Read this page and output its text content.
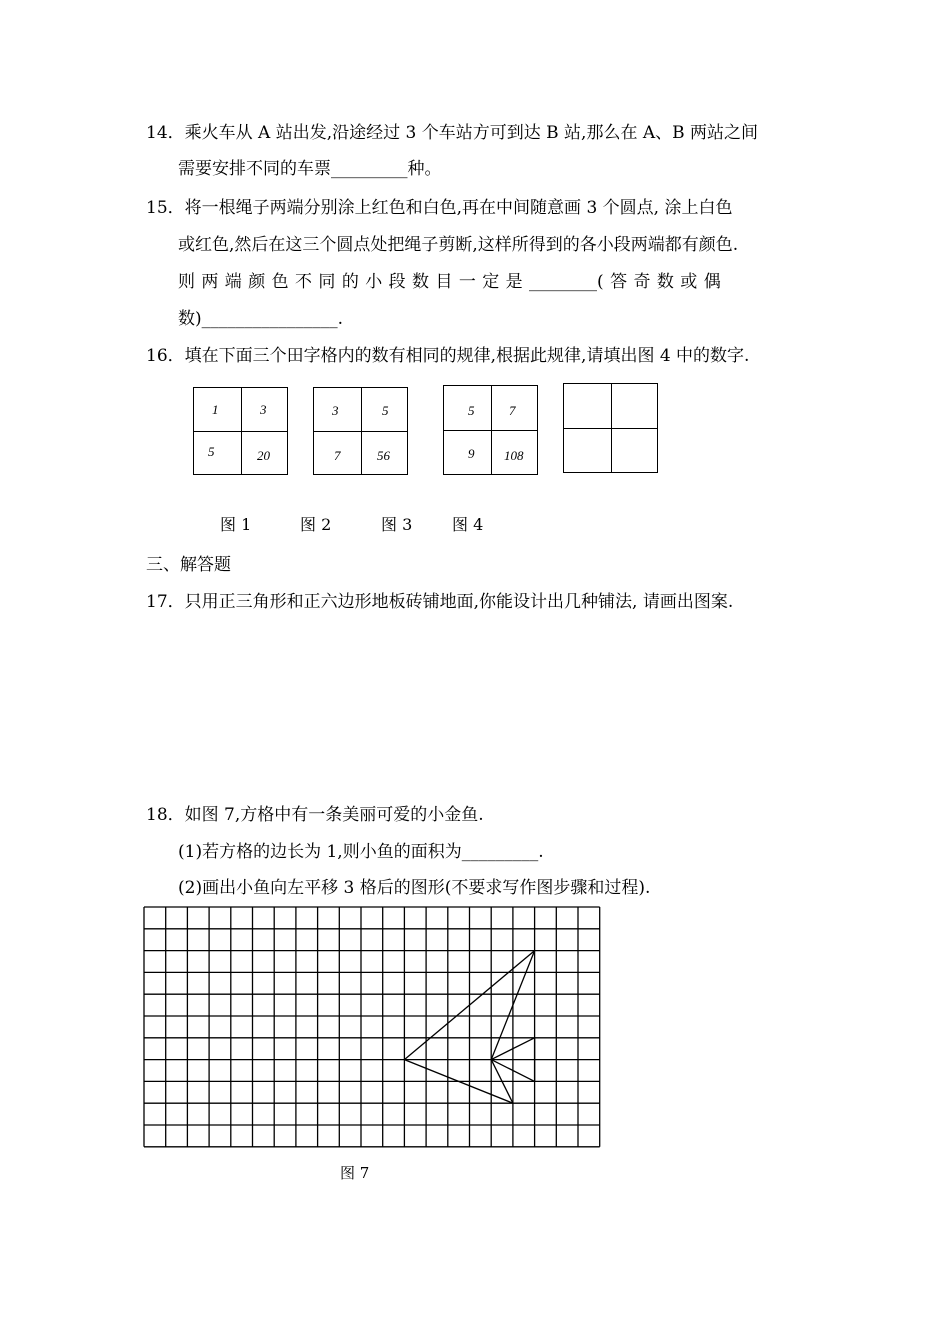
14．乘火车从 A 站出发,沿途经过 3 个车站方可到达 B 站,那么在 A、B 两站之间
需要安排不同的车票_________种。
15．将一根绳子两端分别涂上红色和白色,再在中间随意画 3 个圆点, 涂上白色
或红色,然后在这三个圆点处把绳子剪断,这样所得到的各小段两端都有颜色.
则 两 端 颜 色 不 同 的 小 段 数 目 一 定 是 ________( 答 奇 数 或 偶
数)________________.
16．填在下面三个田字格内的数有相同的规律,根据此规律,请填出图 4 中的数字.
1	3
5	20
3	5
7	56
5	7
9 108
图 1	图 2	图 3 图 4
三、解答题
17．只用正三角形和正六边形地板砖铺地面,你能设计出几种铺法, 请画出图案.
18．如图 7,方格中有一条美丽可爱的小金鱼.
(1)若方格的边长为 1,则小鱼的面积为_________.
(2)画出小鱼向左平移 3 格后的图形(不要求写作图步骤和过程).
图 7
